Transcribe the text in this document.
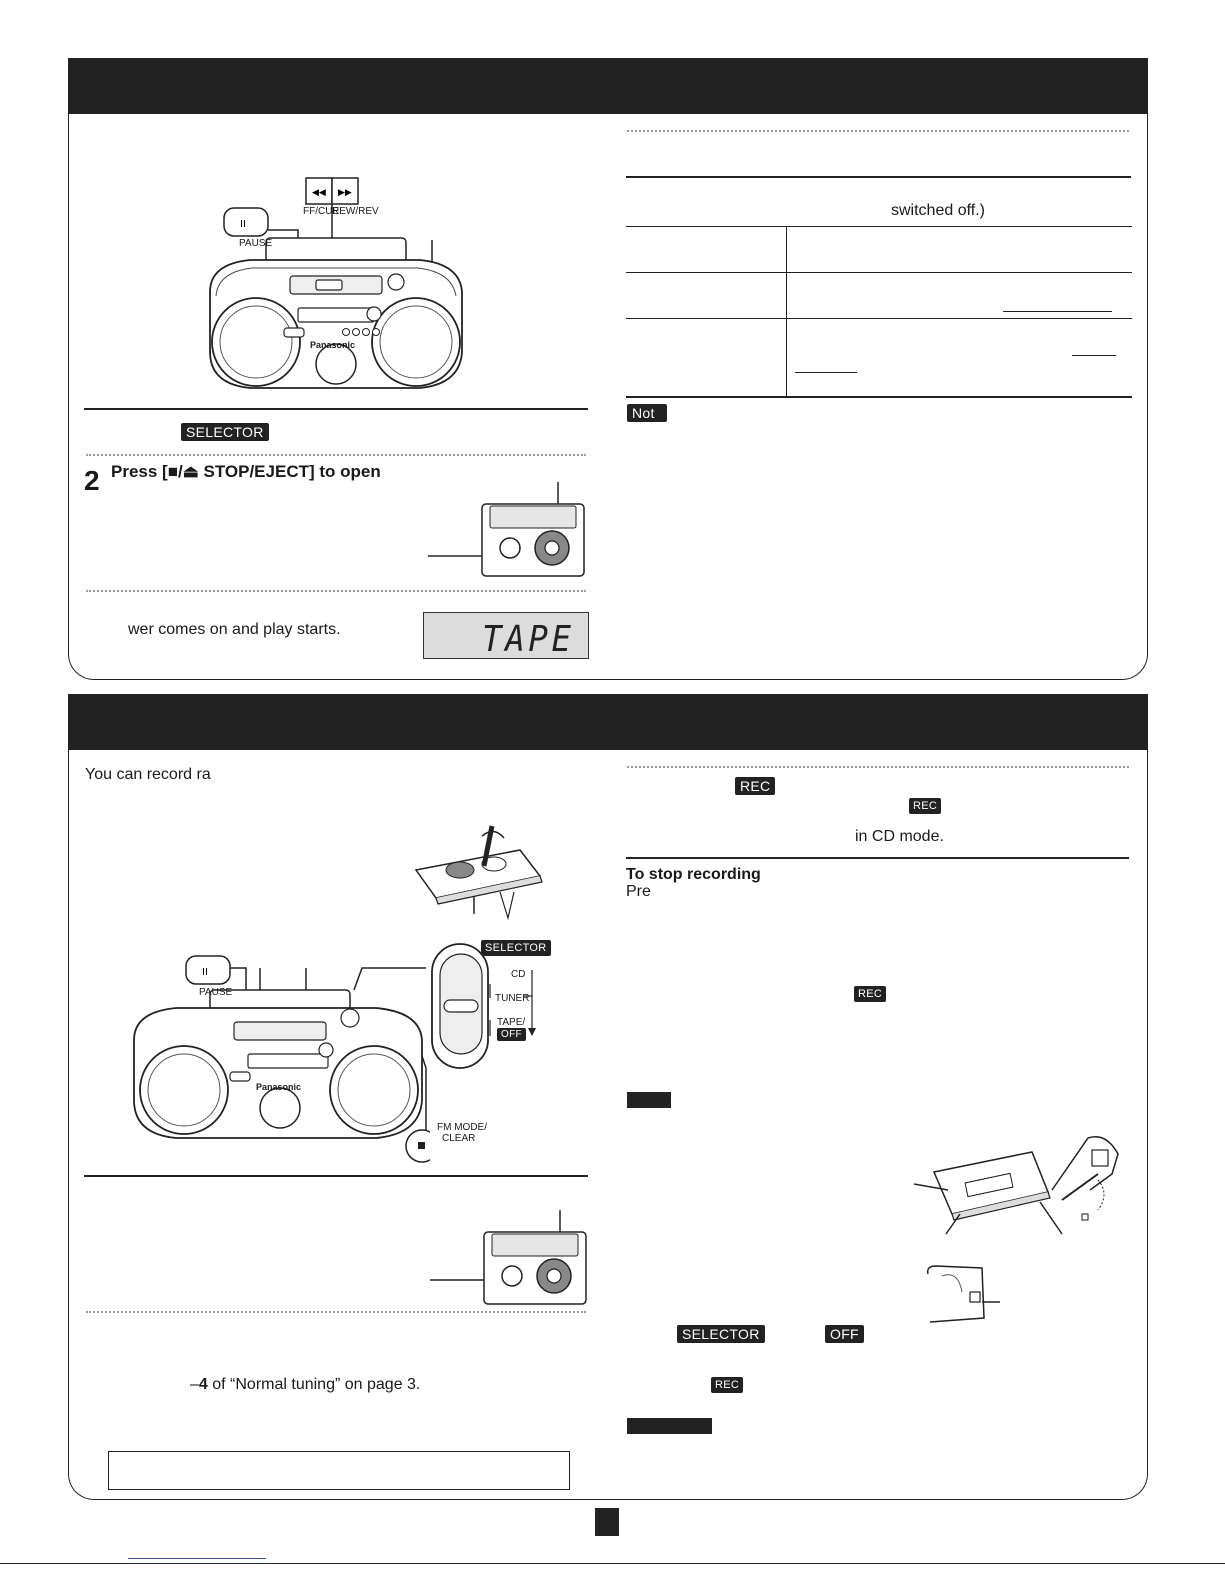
◀◀ ▶▶
II
FF/CUE
REW/REV
PAUSE
Panasonic
SELECTOR
2 Press [■/⏏ STOP/EJECT] to open
wer comes on and play starts.	TAPE
switched off.)
Not
You can record ra
SELECTOR
CD
TUNER
TAPE/
OFF
II
PAUSE
Panasonic
FM MODE/
CLEAR
–4 of “Normal tuning” on page 3.
REC
REC
in CD mode.
To stop recording
Pre
REC
SELECTOR	OFF
REC
